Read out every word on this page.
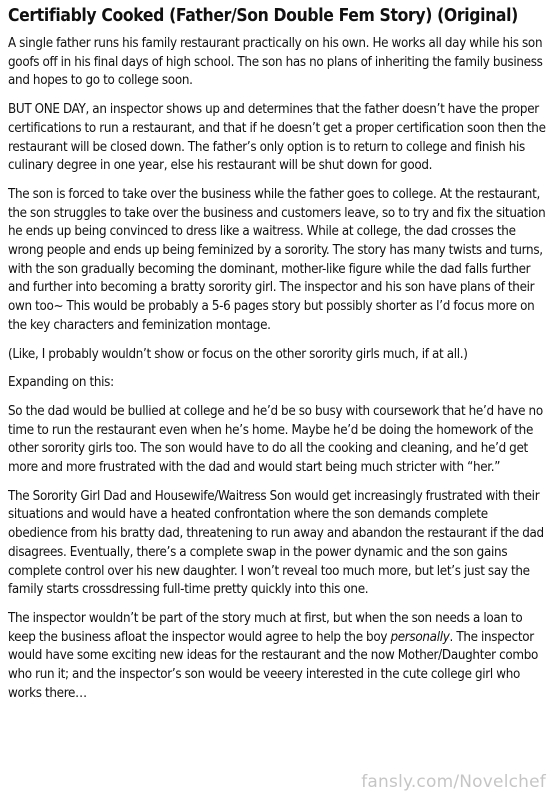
Certifiably Cooked (Father/Son Double Fem Story) (Original)

A single father runs his family restaurant practically on his own. He works all day while his son goofs off in his final days of high school. The son has no plans of inheriting the family business and hopes to go to college soon.

BUT ONE DAY, an inspector shows up and determines that the father doesn’t have the proper certifications to run a restaurant, and that if he doesn’t get a proper certification soon then the restaurant will be closed down. The father’s only option is to return to college and finish his culinary degree in one year, else his restaurant will be shut down for good.

The son is forced to take over the business while the father goes to college. At the restaurant, the son struggles to take over the business and customers leave, so to try and fix the situation he ends up being convinced to dress like a waitress. While at college, the dad crosses the wrong people and ends up being feminized by a sorority. The story has many twists and turns, with the son gradually becoming the dominant, mother-like figure while the dad falls further and further into becoming a bratty sorority girl. The inspector and his son have plans of their own too~ This would be probably a 5-6 pages story but possibly shorter as I’d focus more on the key characters and feminization montage.

(Like, I probably wouldn’t show or focus on the other sorority girls much, if at all.)

Expanding on this:

So the dad would be bullied at college and he’d be so busy with coursework that he’d have no time to run the restaurant even when he’s home. Maybe he’d be doing the homework of the other sorority girls too. The son would have to do all the cooking and cleaning, and he’d get more and more frustrated with the dad and would start being much stricter with “her.”

The Sorority Girl Dad and Housewife/Waitress Son would get increasingly frustrated with their situations and would have a heated confrontation where the son demands complete obedience from his bratty dad, threatening to run away and abandon the restaurant if the dad disagrees. Eventually, there’s a complete swap in the power dynamic and the son gains complete control over his new daughter. I won’t reveal too much more, but let’s just say the family starts crossdressing full-time pretty quickly into this one.

The inspector wouldn’t be part of the story much at first, but when the son needs a loan to keep the business afloat the inspector would agree to help the boy personally. The inspector would have some exciting new ideas for the restaurant and the now Mother/Daughter combo who run it; and the inspector’s son would be veeery interested in the cute college girl who works there…

fansly.com/Novelchef
